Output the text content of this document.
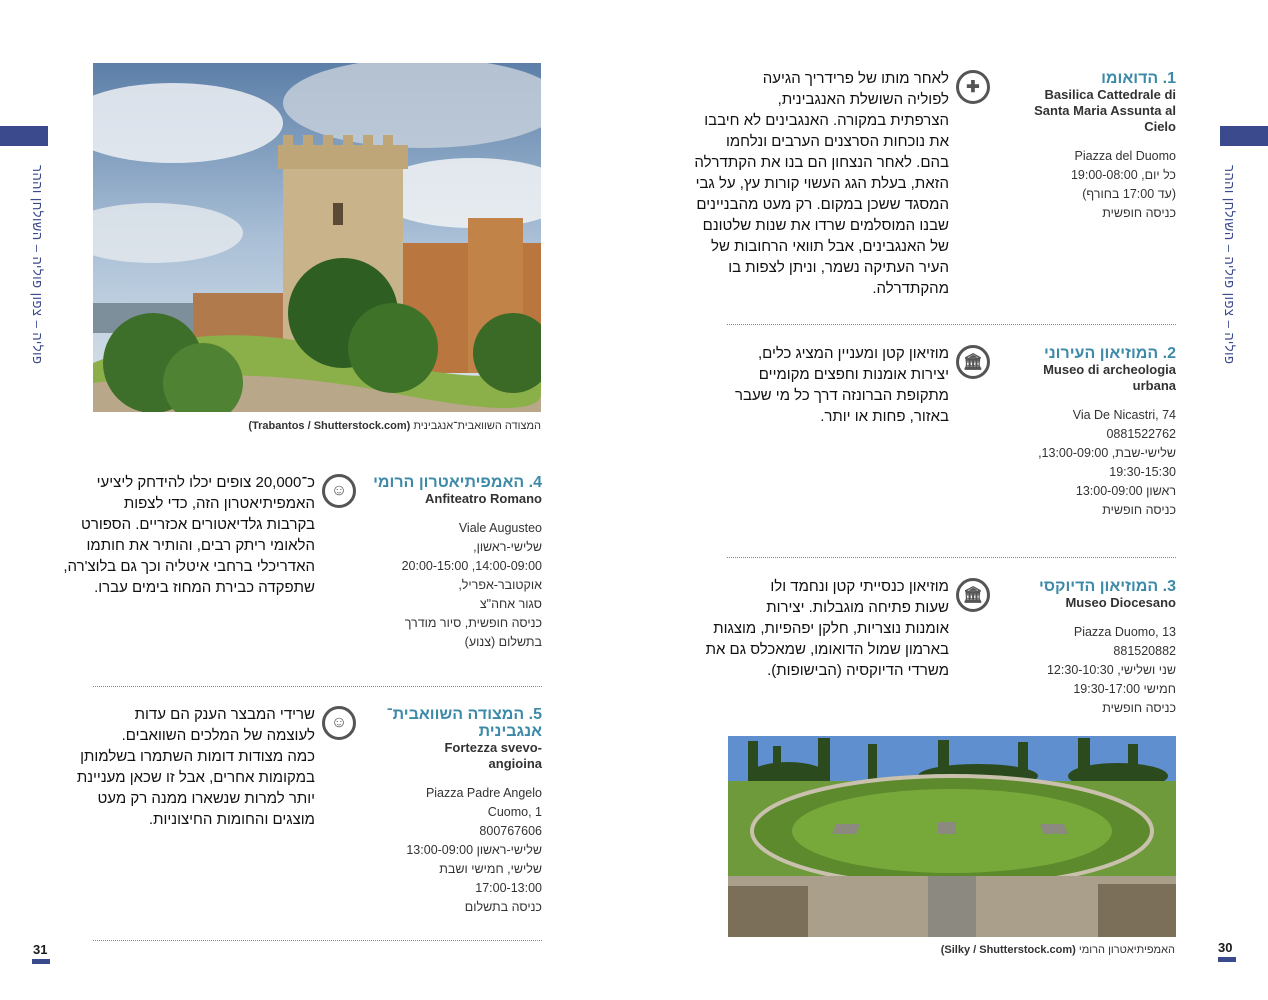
פוליה – צפון פוליה – השולחן וההר
המצודה השוואבית־אנגבינית (Trabantos / Shutterstock.com)
4. האמפיתיאטרון הרומי
Anfiteatro Romano
Viale Augusteo
שלישי-ראשון,
14:00-09:00, 20:00-15:00
אוקטובר-אפריל,
סגור אחה"צ
כניסה חופשית, סיור מודרך
בתשלום (צנוע)
☺
כ־20,000 צופים יכלו להידחק ליציעי
האמפיתיאטרון הזה, כדי לצפות
בקרבות גלדיאטורים אכזריים. הספורט
הלאומי ריתק רבים, והותיר את חותמו
האדריכלי ברחבי איטליה וכך גם בלוצ'רה,
שתפקדה כבירת המחוז בימים עברו.
5. המצודה השוואבית־
אנגבינית
Fortezza svevo-
angioina
Piazza Padre Angelo
Cuomo, 1
800767606
שלישי-ראשון 13:00-09:00
שלישי, חמישי ושבת
17:00-13:00
כניסה בתשלום
☺
שרידי המבצר הענק הם עדות
לעוצמה של המלכים השוואבים.
כמה מצודות דומות השתמרו בשלמותן
במקומות אחרים, אבל זו שכאן מעניינת
יותר למרות שנשארו ממנה רק מעט
מוצגים והחומות החיצוניות.
31
פוליה – צפון פוליה – השולחן וההר
1. הדואומו
Basilica Cattedrale di
Santa Maria Assunta al
Cielo
Piazza del Duomo
כל יום, 19:00-08:00
(עד 17:00 בחורף)
כניסה חופשית
✚
לאחר מותו של פרידריך הגיעה
לפוליה השושלת האנגבינית,
הצרפתית במקורה. האנגבינים לא חיבבו
את נוכחות הסרצנים הערבים ונלחמו
בהם. לאחר הנצחון הם בנו את הקתדרלה
הזאת, בעלת הגג העשוי קורות עץ, על גבי
המסגד ששכן במקום. רק מעט מהבניינים
שבנו המוסלמים שרדו את שנות שלטונם
של האנגבינים, אבל תוואי הרחובות של
העיר העתיקה נשמר, וניתן לצפות בו
מהקתדרלה.
2. המוזיאון העירוני
Museo di archeologia
urbana
Via De Nicastri, 74
0881522762
שלישי-שבת, 13:00-09:00,
19:30-15:30
ראשון 13:00-09:00
כניסה חופשית
🏛
מוזיאון קטן ומעניין המציג כלים,
יצירות אומנות וחפצים מקומיים
מתקופת הברונזה דרך כל מי שעבר
באזור, פחות או יותר.
3. המוזיאון הדיוקסי
Museo Diocesano
Piazza Duomo, 13
881520882
שני ושלישי, 12:30-10:30
חמישי 19:30-17:00
כניסה חופשית
🏛
מוזיאון כנסייתי קטן ונחמד ולו
שעות פתיחה מוגבלות. יצירות
אומנות נוצריות, חלקן יפהפיות, מוצגות
בארמון שמול הדואומו, שמאכלס גם את
משרדי הדיוקסיה (הבישופות).
האמפיתיאטרון הרומי (Silky / Shutterstock.com)	30
